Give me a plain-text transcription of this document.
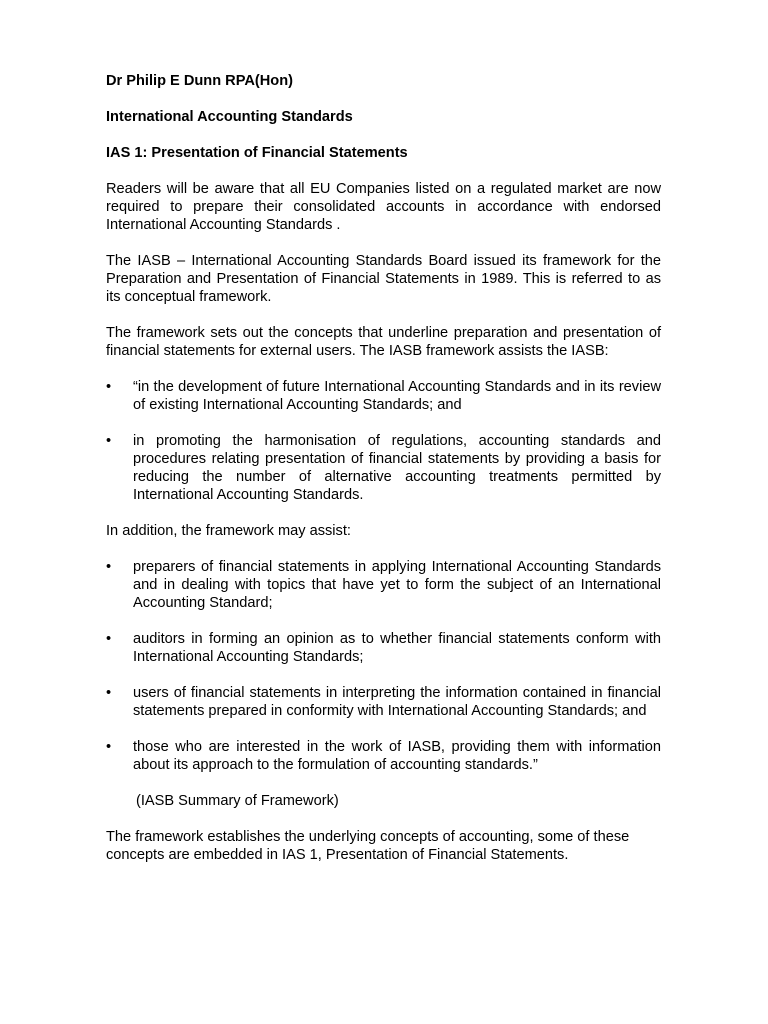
Dr Philip E Dunn RPA(Hon)
International Accounting Standards
IAS 1: Presentation of Financial Statements

Readers will be aware that all EU Companies listed on a regulated market are now required to prepare their consolidated accounts in accordance with endorsed International Accounting Standards .

The IASB – International Accounting Standards Board issued its framework for the Preparation and Presentation of Financial Statements in 1989. This is referred to as its conceptual framework.

The framework sets out the concepts that underline preparation and presentation of financial statements for external users. The IASB framework assists the IASB:

• “in the development of future International Accounting Standards and in its review of existing International Accounting Standards; and
• in promoting the harmonisation of regulations, accounting standards and procedures relating presentation of financial statements by providing a basis for reducing the number of alternative accounting treatments permitted by International Accounting Standards.

In addition, the framework may assist:

• preparers of financial statements in applying International Accounting Standards and in dealing with topics that have yet to form the subject of an International Accounting Standard;
• auditors in forming an opinion as to whether financial statements conform with International Accounting Standards;
• users of financial statements in interpreting the information contained in financial statements prepared in conformity with International Accounting Standards; and
• those who are interested in the work of IASB, providing them with information about its approach to the formulation of accounting standards.”

(IASB Summary of Framework)

The framework establishes the underlying concepts of accounting, some of these concepts are embedded in IAS 1, Presentation of Financial Statements.
